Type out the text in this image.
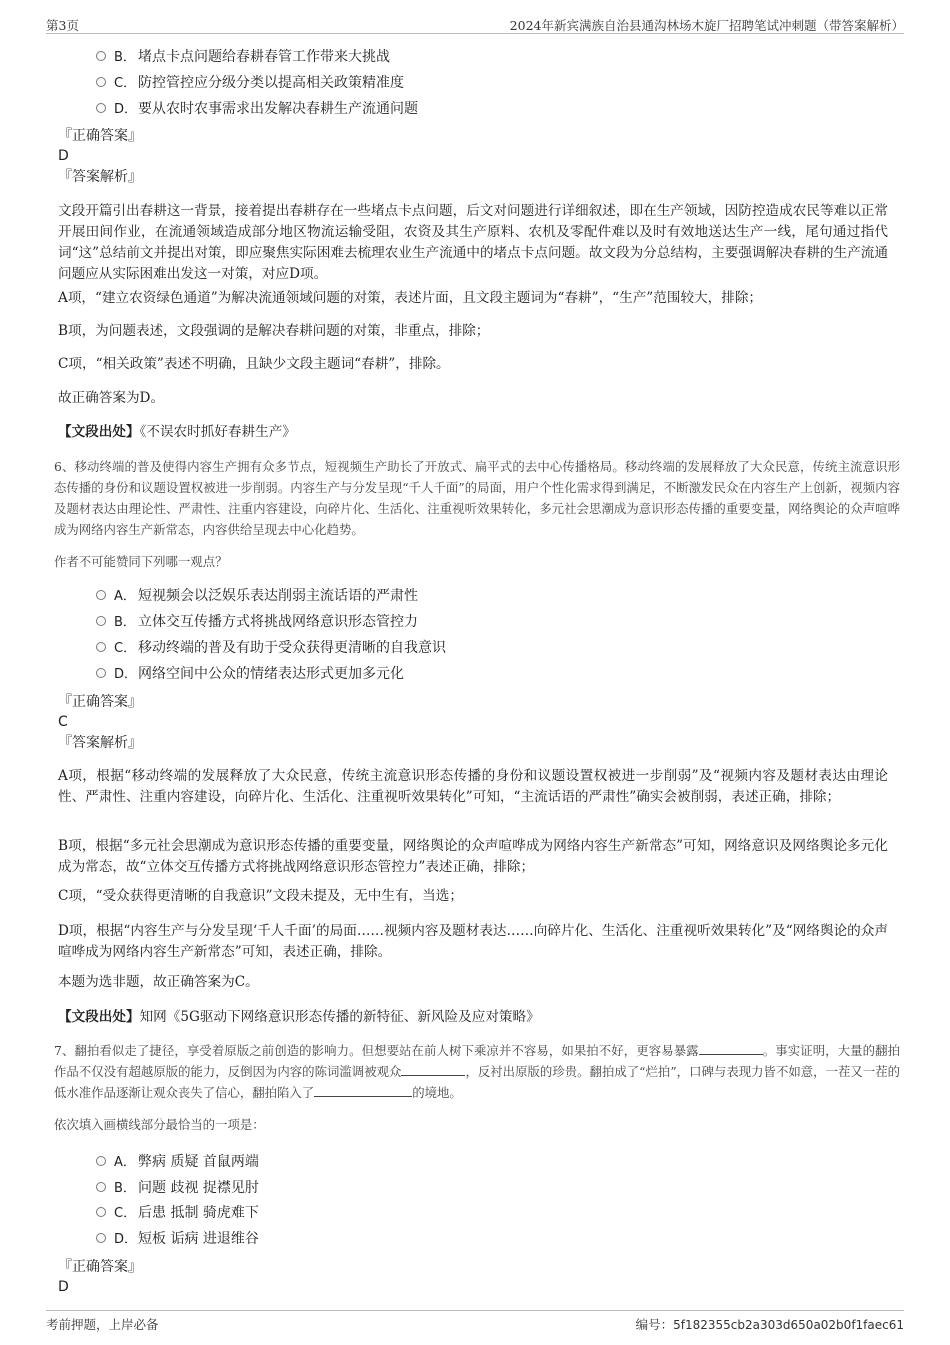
第3页	2024年新宾满族自治县通沟林场木旋厂招聘笔试冲刺题（带答案解析）
B． 堵点卡点问题给春耕春管工作带来大挑战
C． 防控管控应分级分类以提高相关政策精准度
D．要从农时农事需求出发解决春耕生产流通问题
『正确答案』
D
『答案解析』
文段开篇引出春耕这一背景，接着提出春耕存在一些堵点卡点问题，后文对问题进行详细叙述，即在生产领域，因防控造成农民等难以正常开展田间作业，在流通领域造成部分地区物流运输受阻，农资及其生产原料、农机及零配件难以及时有效地送达生产一线，尾句通过指代词“这”总结前文并提出对策，即应聚焦实际困难去梳理农业生产流通中的堵点卡点问题。故文段为分总结构，主要强调解决春耕的生产流通问题应从实际困难出发这一对策，对应D项。
A项，“建立农资绿色通道”为解决流通领域问题的对策，表述片面，且文段主题词为“春耕”，“生产”范围较大，排除；
B项，为问题表述，文段强调的是解决春耕问题的对策，非重点，排除；
C项，“相关政策”表述不明确，且缺少文段主题词“春耕”，排除。
故正确答案为D。
【文段出处】《不误农时抓好春耕生产》
6、移动终端的普及使得内容生产拥有众多节点，短视频生产助长了开放式、扁平式的去中心传播格局。移动终端的发展释放了大众民意，传统主流意识形态传播的身份和议题设置权被进一步削弱。内容生产与分发呈现“千人千面”的局面，用户个性化需求得到满足，不断激发民众在内容生产上创新，视频内容及题材表达由理论性、严肃性、注重内容建设，向碎片化、生活化、注重视听效果转化，多元社会思潮成为意识形态传播的重要变量，网络舆论的众声喧哗成为网络内容生产新常态，内容供给呈现去中心化趋势。
作者不可能赞同下列哪一观点？
A． 短视频会以泛娱乐表达削弱主流话语的严肃性
B． 立体交互传播方式将挑战网络意识形态管控力
C． 移动终端的普及有助于受众获得更清晰的自我意识
D．网络空间中公众的情绪表达形式更加多元化
『正确答案』
C
『答案解析』
A项，根据“移动终端的发展释放了大众民意，传统主流意识形态传播的身份和议题设置权被进一步削弱”及“视频内容及题材表达由理论性、严肃性、注重内容建设，向碎片化、生活化、注重视听效果转化”可知，“主流话语的严肃性”确实会被削弱，表述正确，排除；
B项，根据“多元社会思潮成为意识形态传播的重要变量，网络舆论的众声喧哗成为网络内容生产新常态”可知，网络意识及网络舆论多元化成为常态，故“立体交互传播方式将挑战网络意识形态管控力”表述正确，排除；
C项，“受众获得更清晰的自我意识”文段未提及，无中生有，当选；
D项，根据“内容生产与分发呈现‘千人千面’的局面……视频内容及题材表达……向碎片化、生活化、注重视听效果转化”及“网络舆论的众声喧哗成为网络内容生产新常态”可知，表述正确，排除。
本题为选非题，故正确答案为C。
【文段出处】知网《5G驱动下网络意识形态传播的新特征、新风险及应对策略》
7、翻拍看似走了捷径，享受着原版之前创造的影响力。但想要站在前人树下乘凉并不容易，如果拍不好，更容易暴露	。事实证明，大量的翻拍作品不仅没有超越原版的能力，反倒因为内容的陈词滥调被观众	，反衬出原版的珍贵。翻拍成了“烂拍”，口碑与表现力皆不如意，一茬又一茬的低水准作品逐渐让观众丧失了信心，翻拍陷入了	的境地。
依次填入画横线部分最恰当的一项是：
A． 弊病 质疑 首鼠两端
B． 问题 歧视 捉襟见肘
C． 后患 抵制 骑虎难下
D．短板 诟病 进退维谷
『正确答案』
D
考前押题，上岸必备	编号：5f182355cb2a303d650a02b0f1faec61
